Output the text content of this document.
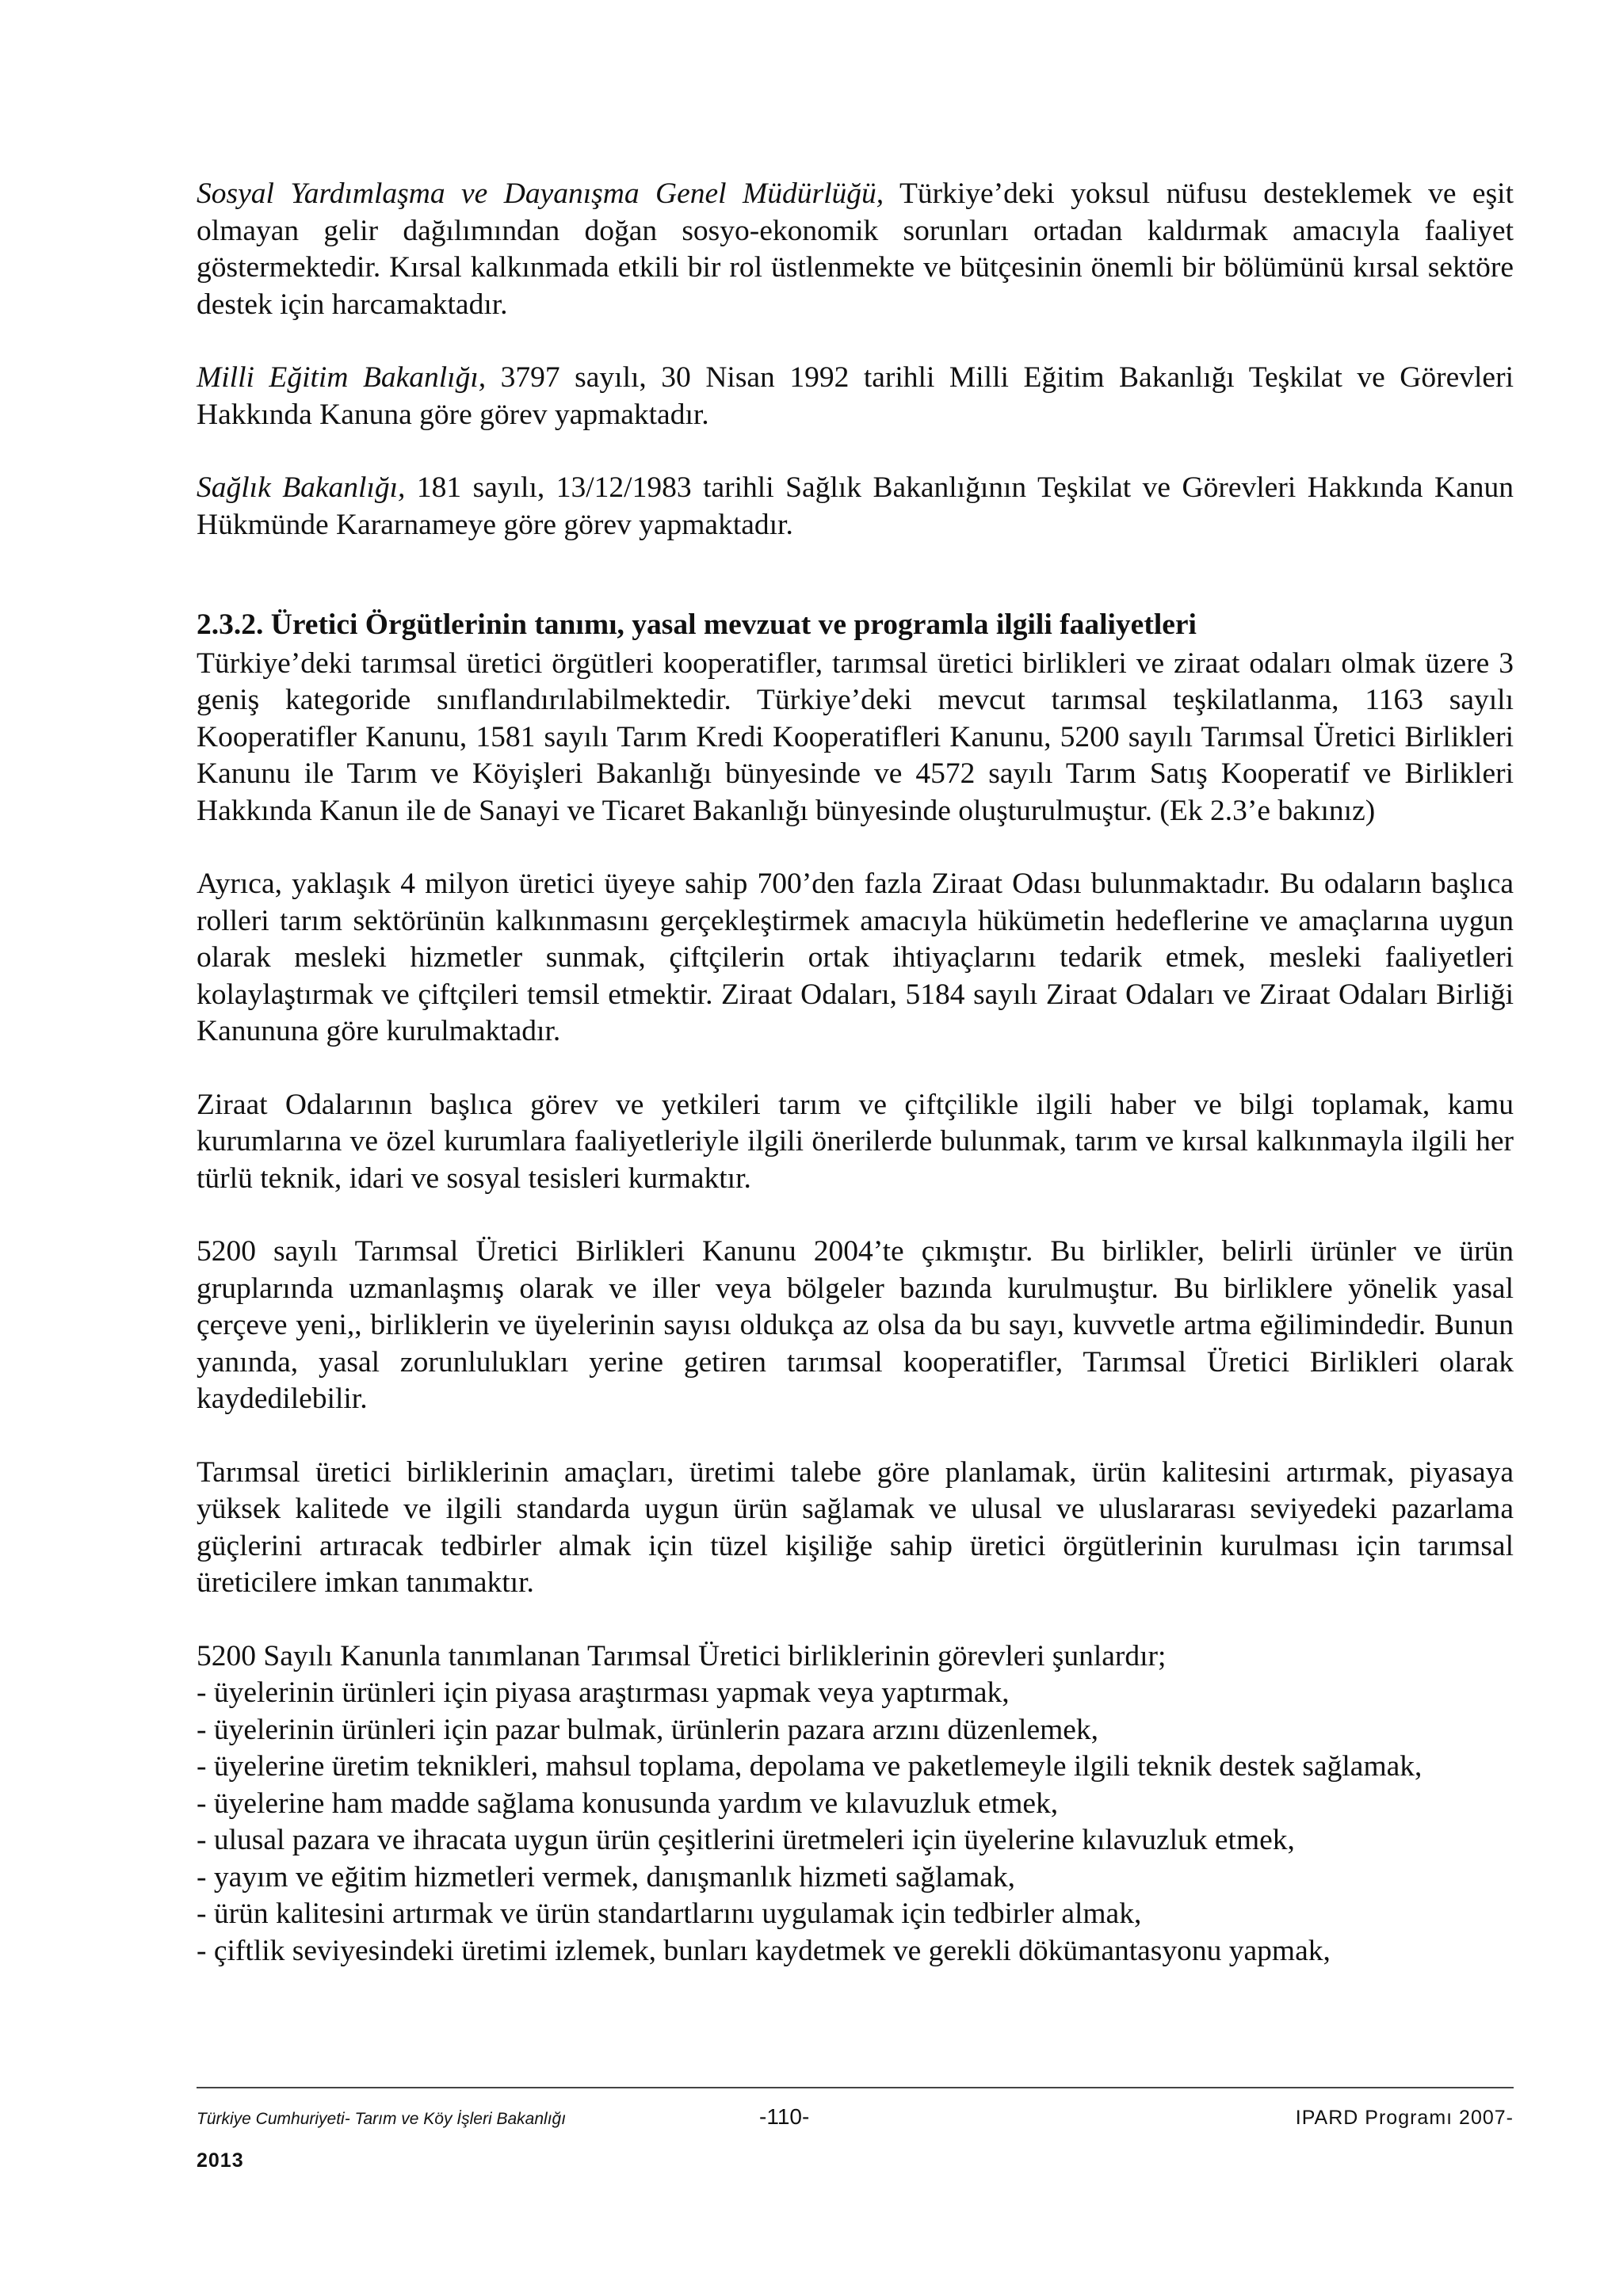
Sosyal Yardımlaşma ve Dayanışma Genel Müdürlüğü, Türkiye’deki yoksul nüfusu desteklemek ve eşit olmayan gelir dağılımından doğan sosyo-ekonomik sorunları ortadan kaldırmak amacıyla faaliyet göstermektedir. Kırsal kalkınmada etkili bir rol üstlenmekte ve bütçesinin önemli bir bölümünü kırsal sektöre destek için harcamaktadır.

Milli Eğitim Bakanlığı, 3797 sayılı, 30 Nisan 1992 tarihli Milli Eğitim Bakanlığı Teşkilat ve Görevleri Hakkında Kanuna göre görev yapmaktadır.

Sağlık Bakanlığı, 181 sayılı, 13/12/1983 tarihli Sağlık Bakanlığının Teşkilat ve Görevleri Hakkında Kanun Hükmünde Kararnameye göre görev yapmaktadır.

2.3.2. Üretici Örgütlerinin tanımı, yasal mevzuat ve programla ilgili faaliyetleri

Türkiye’deki tarımsal üretici örgütleri kooperatifler, tarımsal üretici birlikleri ve ziraat odaları olmak üzere 3 geniş kategoride sınıflandırılabilmektedir. Türkiye’deki mevcut tarımsal teşkilatlanma, 1163 sayılı Kooperatifler Kanunu, 1581 sayılı Tarım Kredi Kooperatifleri Kanunu, 5200 sayılı Tarımsal Üretici Birlikleri Kanunu ile Tarım ve Köyişleri Bakanlığı bünyesinde ve 4572 sayılı Tarım Satış Kooperatif ve Birlikleri Hakkında Kanun ile de Sanayi ve Ticaret Bakanlığı bünyesinde oluşturulmuştur. (Ek 2.3’e bakınız)

Ayrıca, yaklaşık 4 milyon üretici üyeye sahip 700’den fazla Ziraat Odası bulunmaktadır. Bu odaların başlıca rolleri tarım sektörünün kalkınmasını gerçekleştirmek amacıyla hükümetin hedeflerine ve amaçlarına uygun olarak mesleki hizmetler sunmak, çiftçilerin ortak ihtiyaçlarını tedarik etmek, mesleki faaliyetleri kolaylaştırmak ve çiftçileri temsil etmektir. Ziraat Odaları, 5184 sayılı Ziraat Odaları ve Ziraat Odaları Birliği Kanununa göre kurulmaktadır.

Ziraat Odalarının başlıca görev ve yetkileri tarım ve çiftçilikle ilgili haber ve bilgi toplamak, kamu kurumlarına ve özel kurumlara faaliyetleriyle ilgili önerilerde bulunmak, tarım ve kırsal kalkınmayla ilgili her türlü teknik, idari ve sosyal tesisleri kurmaktır.

5200 sayılı Tarımsal Üretici Birlikleri Kanunu 2004’te çıkmıştır. Bu birlikler, belirli ürünler ve ürün gruplarında uzmanlaşmış olarak ve iller veya bölgeler bazında kurulmuştur. Bu birliklere yönelik yasal çerçeve yeni,, birliklerin ve üyelerinin sayısı oldukça az olsa da bu sayı, kuvvetle artma eğilimindedir. Bunun yanında, yasal zorunlulukları yerine getiren tarımsal kooperatifler, Tarımsal Üretici Birlikleri olarak kaydedilebilir.

Tarımsal üretici birliklerinin amaçları, üretimi talebe göre planlamak, ürün kalitesini artırmak, piyasaya yüksek kalitede ve ilgili standarda uygun ürün sağlamak ve ulusal ve uluslararası seviyedeki pazarlama güçlerini artıracak tedbirler almak için tüzel kişiliğe sahip üretici örgütlerinin kurulması için tarımsal üreticilere imkan tanımaktır.

5200 Sayılı Kanunla tanımlanan Tarımsal Üretici birliklerinin görevleri şunlardır;

- üyelerinin ürünleri için piyasa araştırması yapmak veya yaptırmak,

- üyelerinin ürünleri için pazar bulmak, ürünlerin pazara arzını düzenlemek,

- üyelerine üretim teknikleri, mahsul toplama, depolama ve paketlemeyle ilgili teknik destek sağlamak,

- üyelerine ham madde sağlama konusunda yardım ve kılavuzluk etmek,

- ulusal pazara ve ihracata uygun ürün çeşitlerini üretmeleri için üyelerine kılavuzluk etmek,

- yayım ve eğitim hizmetleri vermek, danışmanlık hizmeti sağlamak,

- ürün kalitesini artırmak ve ürün standartlarını uygulamak için tedbirler almak,

- çiftlik seviyesindeki üretimi izlemek, bunları kaydetmek ve gerekli dökümantasyonu yapmak,

Türkiye Cumhuriyeti- Tarım ve Köy İşleri Bakanlığı	-110-	IPARD Programı 2007-
2013
